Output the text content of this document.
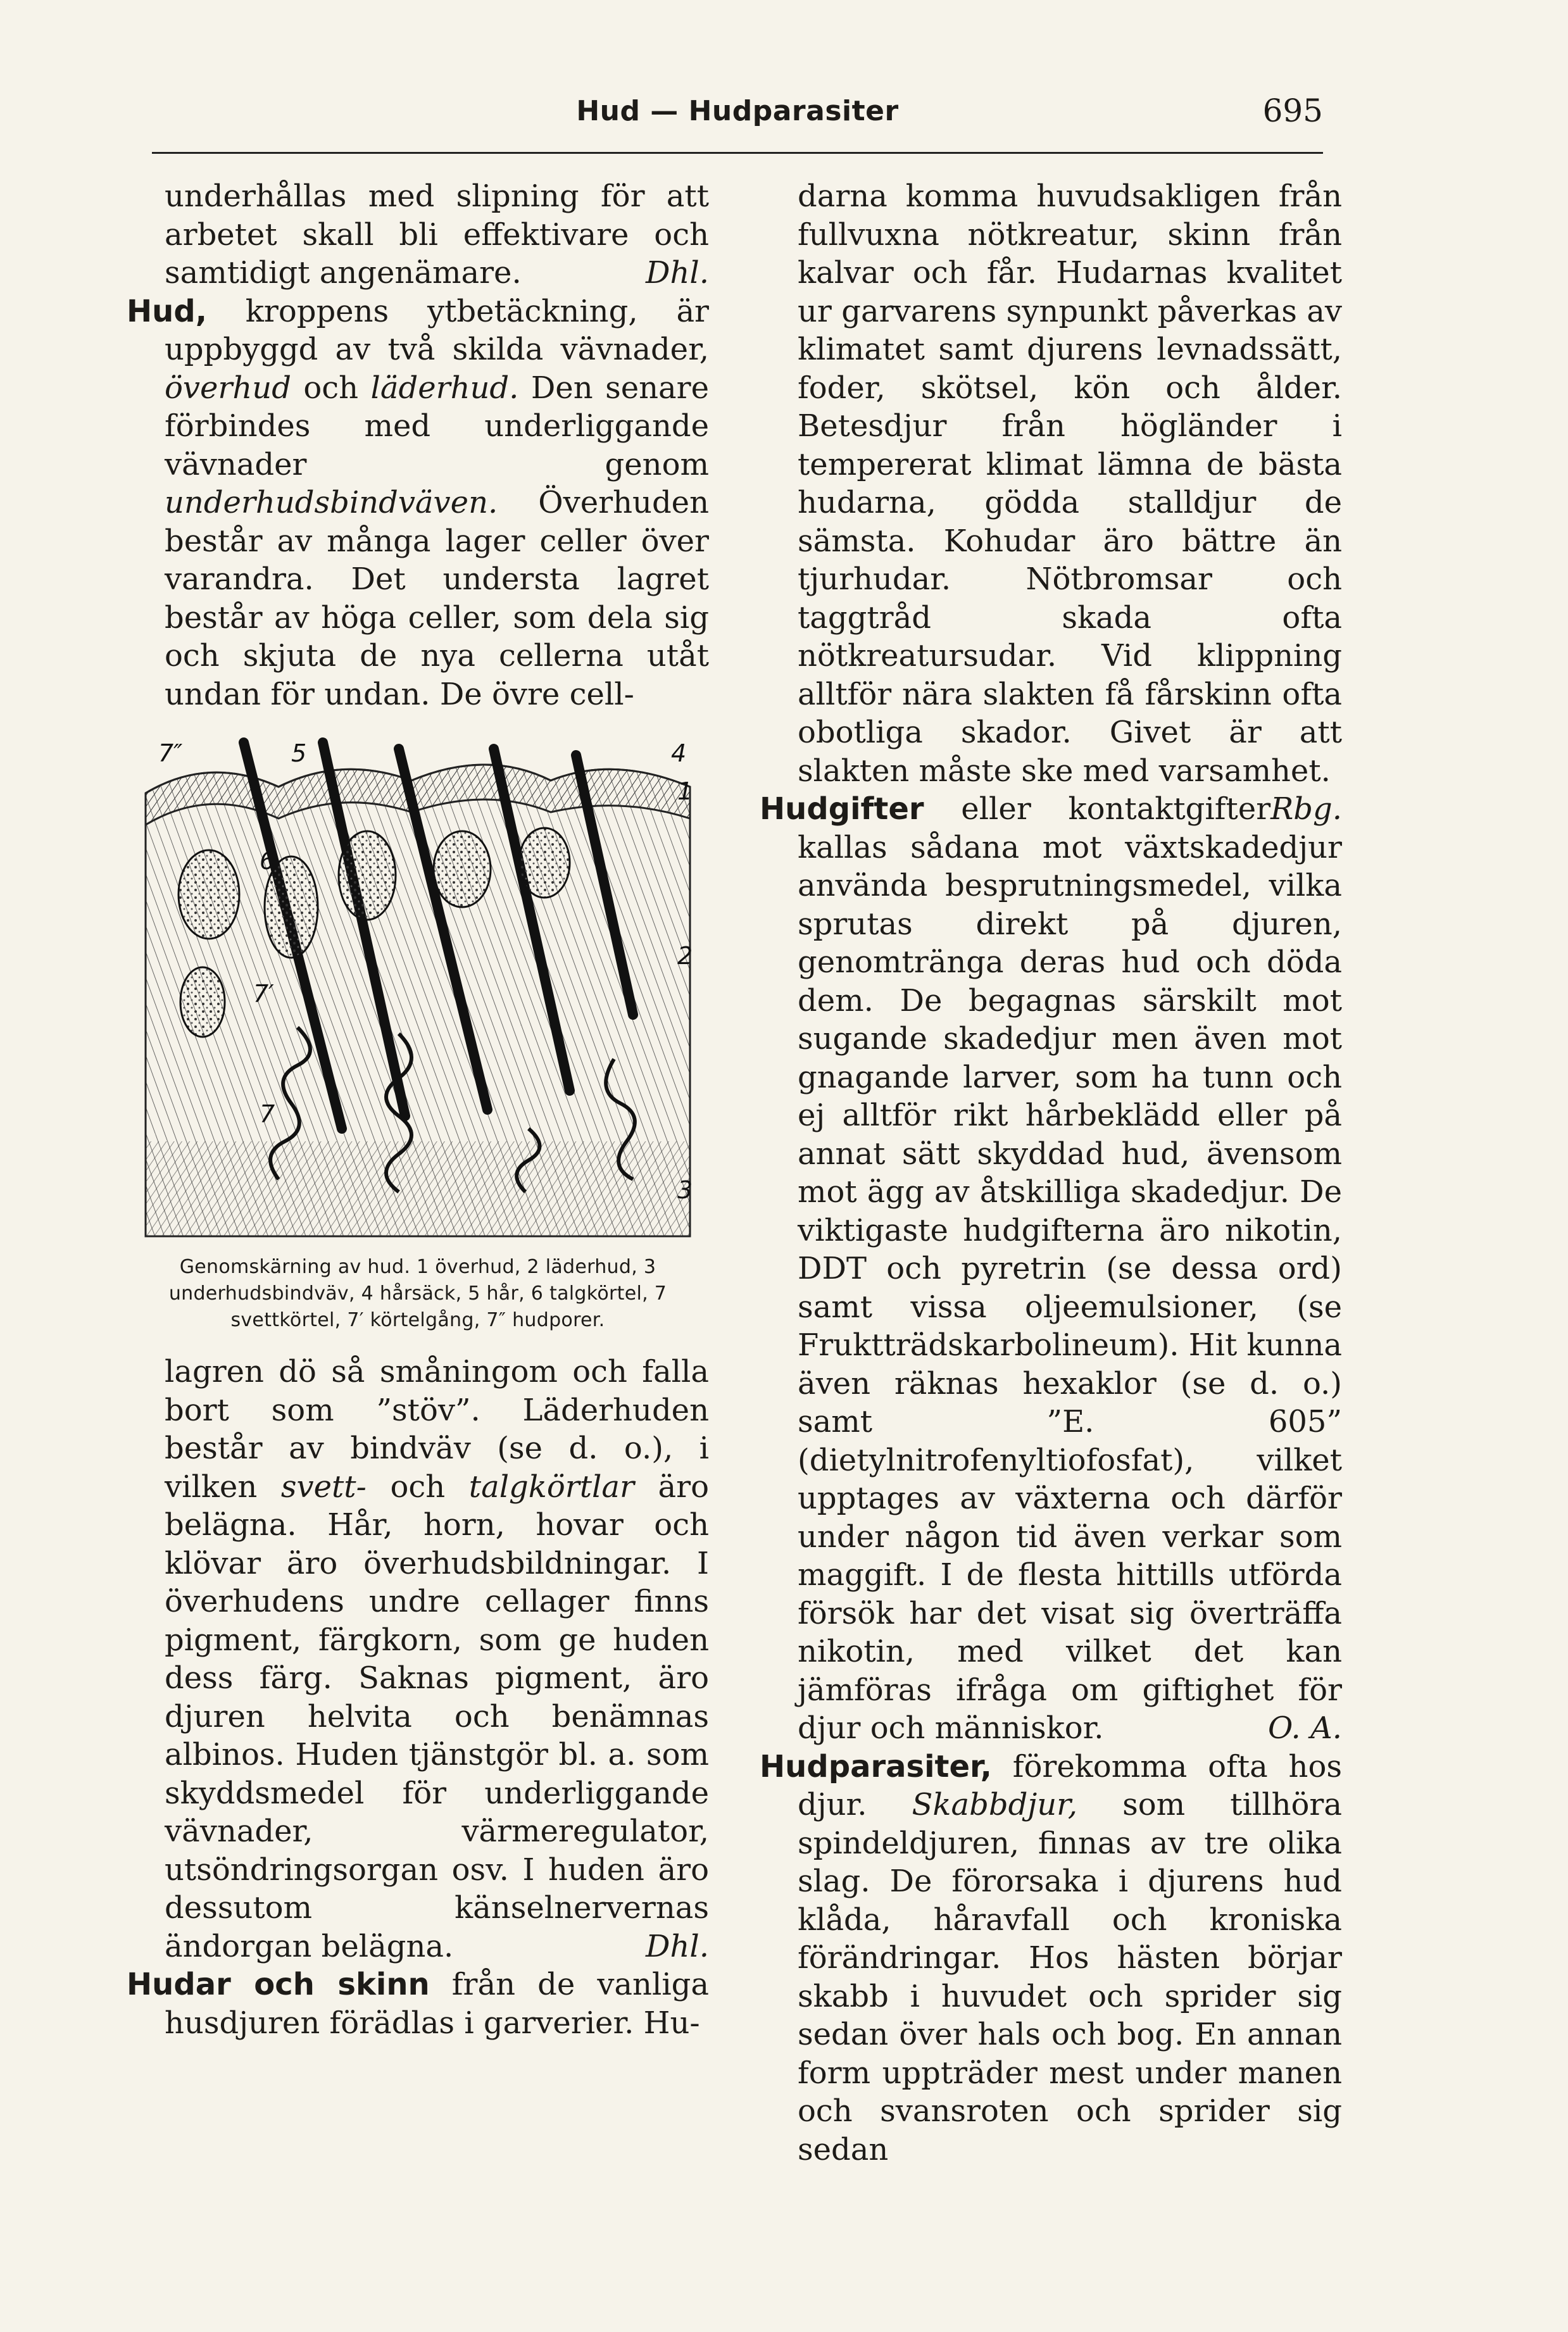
Hud — Hudparasiter	695

underhållas med slipning för att arbetet skall bli effektivare och samtidigt angenämare.	Dhl.

Hud, kroppens ytbetäckning, är uppbyggd av två skilda vävnader, överhud och läderhud. Den senare förbindes med underliggande vävnader genom underhudsbindväven. Överhuden består av många lager celler över varandra. Det understa lagret består av höga celler, som dela sig och skjuta de nya cellerna utåt undan för undan. De övre cell-

7″	5	4
1
6
2
7′
7
3
Genomskärning av hud. 1 överhud, 2 läderhud, 3 underhudsbindväv, 4 hårsäck, 5 hår, 6 talgkörtel, 7 svettkörtel, 7′ körtelgång, 7″ hudporer.

lagren dö så småningom och falla bort som ”stöv”. Läderhuden består av bindväv (se d. o.), i vilken svett- och talgkörtlar äro belägna. Hår, horn, hovar och klövar äro överhudsbildningar. I överhudens undre cellager finns pigment, färgkorn, som ge huden dess färg. Saknas pigment, äro djuren helvita och benämnas albinos. Huden tjänstgör bl. a. som skyddsmedel för underliggande vävnader, värmeregulator, utsöndringsorgan osv. I huden äro dessutom känselnervernas ändorgan belägna.	Dhl.

Hudar och skinn från de vanliga husdjuren förädlas i garverier. Hu-

darna komma huvudsakligen från fullvuxna nötkreatur, skinn från kalvar och får. Hudarnas kvalitet ur garvarens synpunkt påverkas av klimatet samt djurens levnadssätt, foder, skötsel, kön och ålder. Betesdjur från högländer i tempererat klimat lämna de bästa hudarna, gödda stalldjur de sämsta. Kohudar äro bättre än tjurhudar. Nötbromsar och taggtråd skada ofta nötkreatursudar. Vid klippning alltför nära slakten få fårskinn ofta obotliga skador. Givet är att slakten måste ske med varsamhet.
Rbg.

Hudgifter eller kontaktgifter kallas sådana mot växtskadedjur använda besprutningsmedel, vilka sprutas direkt på djuren, genomtränga deras hud och döda dem. De begagnas särskilt mot sugande skadedjur men även mot gnagande larver, som ha tunn och ej alltför rikt hårbeklädd eller på annat sätt skyddad hud, ävensom mot ägg av åtskilliga skadedjur. De viktigaste hudgifterna äro nikotin, DDT och pyretrin (se dessa ord) samt vissa oljeemulsioner, (se Fruktträdskarbolineum). Hit kunna även räknas hexaklor (se d. o.) samt ”E. 605” (dietylnitrofenyltiofosfat), vilket upptages av växterna och därför under någon tid även verkar som maggift. I de flesta hittills utförda försök har det visat sig överträffa nikotin, med vilket det kan jämföras ifråga om giftighet för djur och människor.	O. A.

Hudparasiter, förekomma ofta hos djur. Skabbdjur, som tillhöra spindeldjuren, finnas av tre olika slag. De förorsaka i djurens hud klåda, håravfall och kroniska förändringar. Hos hästen börjar skabb i huvudet och sprider sig sedan över hals och bog. En annan form uppträder mest under manen och svansroten och sprider sig sedan
